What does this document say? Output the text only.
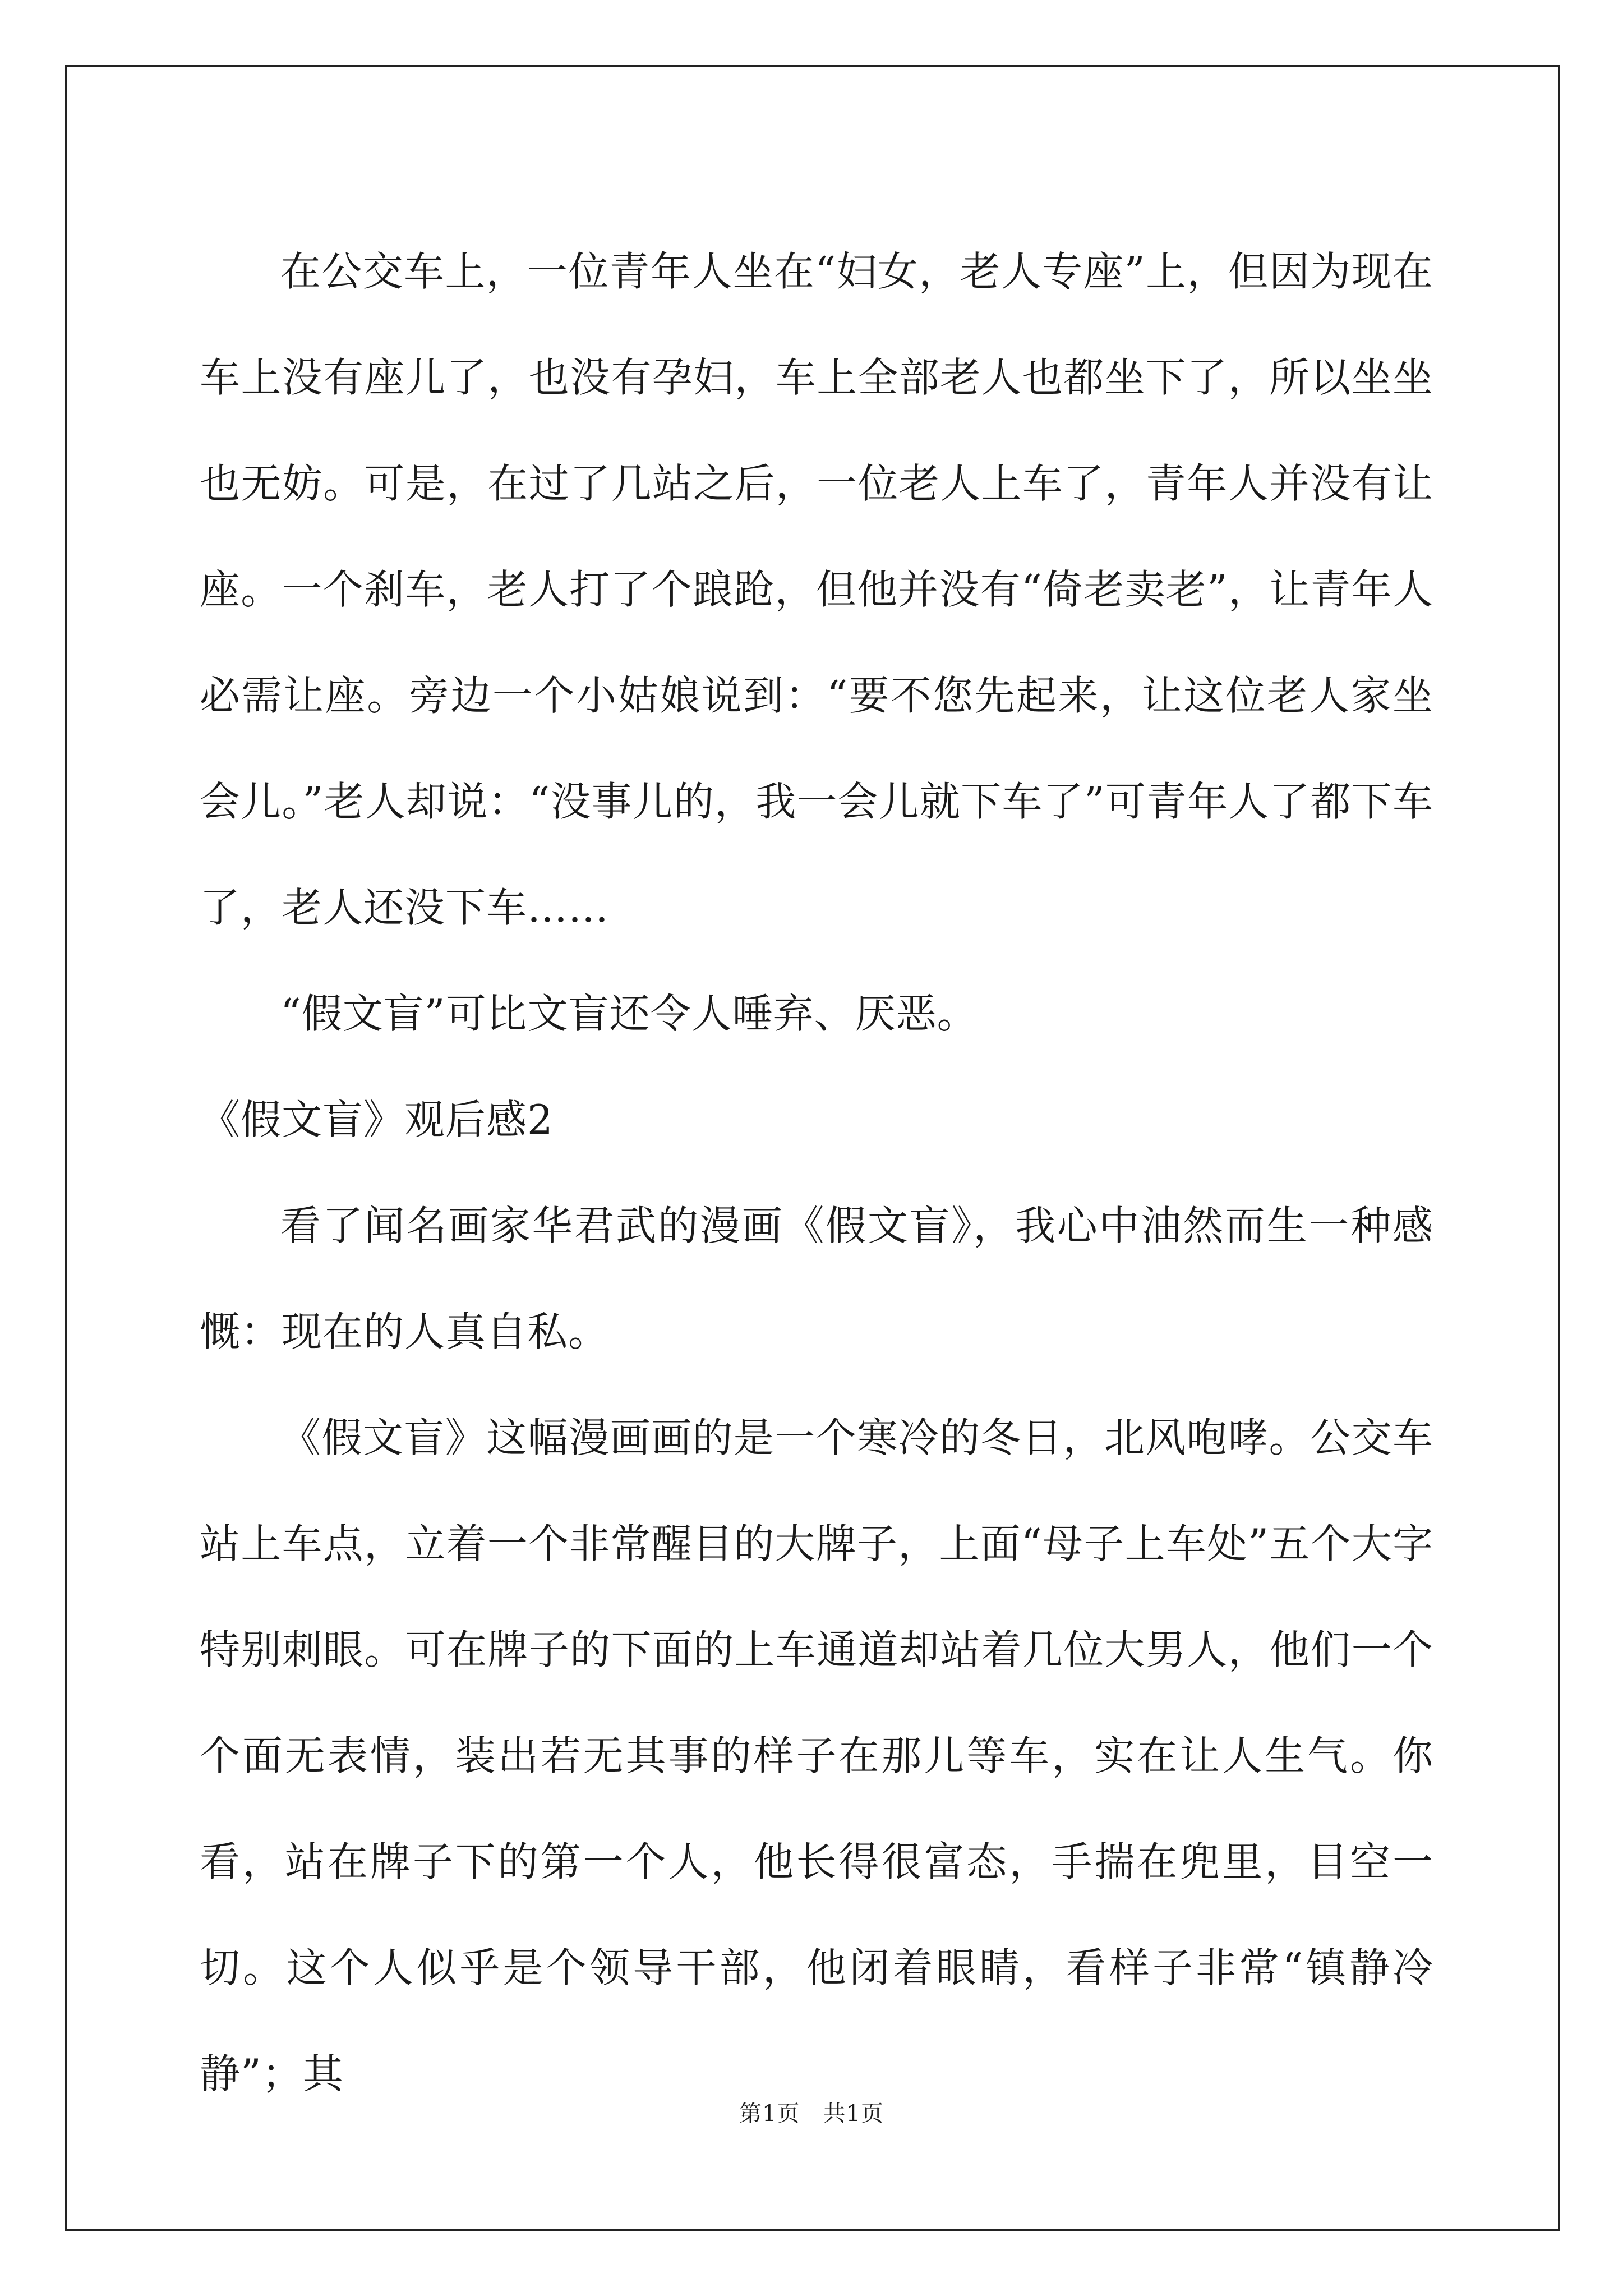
在公交车上，一位青年人坐在“妇女，老人专座”上，但因为现在车上没有座儿了，也没有孕妇，车上全部老人也都坐下了，所以坐坐也无妨。可是，在过了几站之后，一位老人上车了，青年人并没有让座。一个刹车，老人打了个踉跄，但他并没有“倚老卖老”，让青年人必需让座。旁边一个小姑娘说到：“要不您先起来，让这位老人家坐会儿。”老人却说：“没事儿的，我一会儿就下车了”可青年人了都下车了，老人还没下车……

“假文盲”可比文盲还令人唾弃、厌恶。

《假文盲》观后感2

看了闻名画家华君武的漫画《假文盲》，我心中油然而生一种感慨：现在的人真自私。

《假文盲》这幅漫画画的是一个寒冷的冬日，北风咆哮。公交车站上车点，立着一个非常醒目的大牌子，上面“母子上车处”五个大字特别刺眼。可在牌子的下面的上车通道却站着几位大男人，他们一个个面无表情，装出若无其事的样子在那儿等车，实在让人生气。你看，站在牌子下的第一个人，他长得很富态，手揣在兜里，目空一切。这个人似乎是个领导干部，他闭着眼睛，看样子非常“镇静冷静”；其

第1页　共1页
